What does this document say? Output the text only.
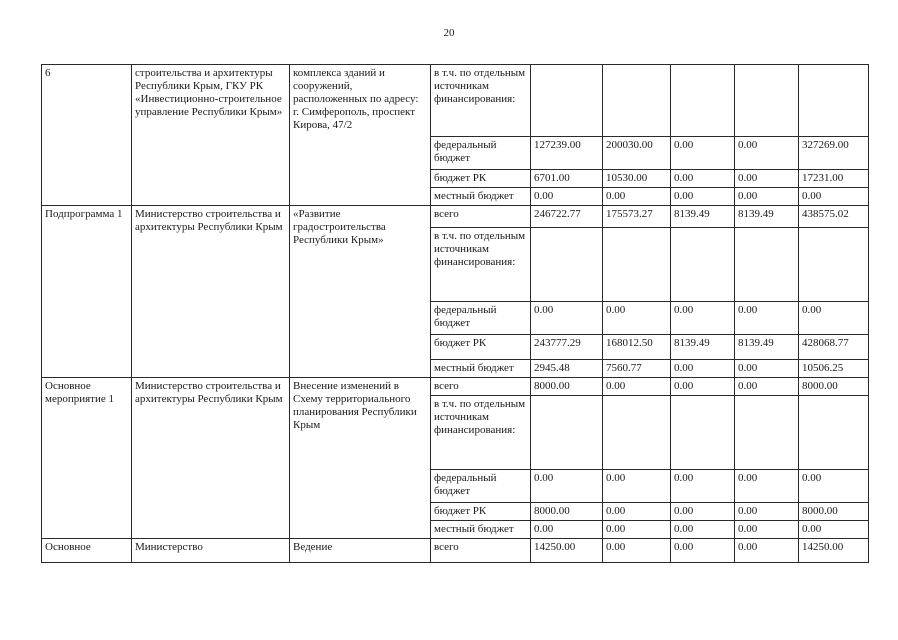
20
6	строительства и архитектуры Республики Крым, ГКУ РК «Инвестиционно-строительное управление Республики Крым»	комплекса зданий и сооружений, расположенных по адресу: г. Симферополь, проспект Кирова, 47/2	в т.ч. по отдельным источникам финансирования:					
			федеральный бюджет	127239.00	200030.00	0.00	0.00	327269.00
			бюджет РК	6701.00	10530.00	0.00	0.00	17231.00
			местный бюджет	0.00	0.00	0.00	0.00	0.00
Подпрограмма 1	Министерство строительства и архитектуры Республики Крым	«Развитие градостроительства Республики Крым»	всего	246722.77	175573.27	8139.49	8139.49	438575.02
			в т.ч. по отдельным источникам финансирования:					
			федеральный бюджет	0.00	0.00	0.00	0.00	0.00
			бюджет РК	243777.29	168012.50	8139.49	8139.49	428068.77
			местный бюджет	2945.48	7560.77	0.00	0.00	10506.25
Основное мероприятие 1	Министерство строительства и архитектуры Республики Крым	Внесение изменений в Схему территориального планирования Республики Крым	всего	8000.00	0.00	0.00	0.00	8000.00
			в т.ч. по отдельным источникам финансирования:					
			федеральный бюджет	0.00	0.00	0.00	0.00	0.00
			бюджет РК	8000.00	0.00	0.00	0.00	8000.00
			местный бюджет	0.00	0.00	0.00	0.00	0.00
Основное	Министерство	Ведение	всего	14250.00	0.00	0.00	0.00	14250.00
